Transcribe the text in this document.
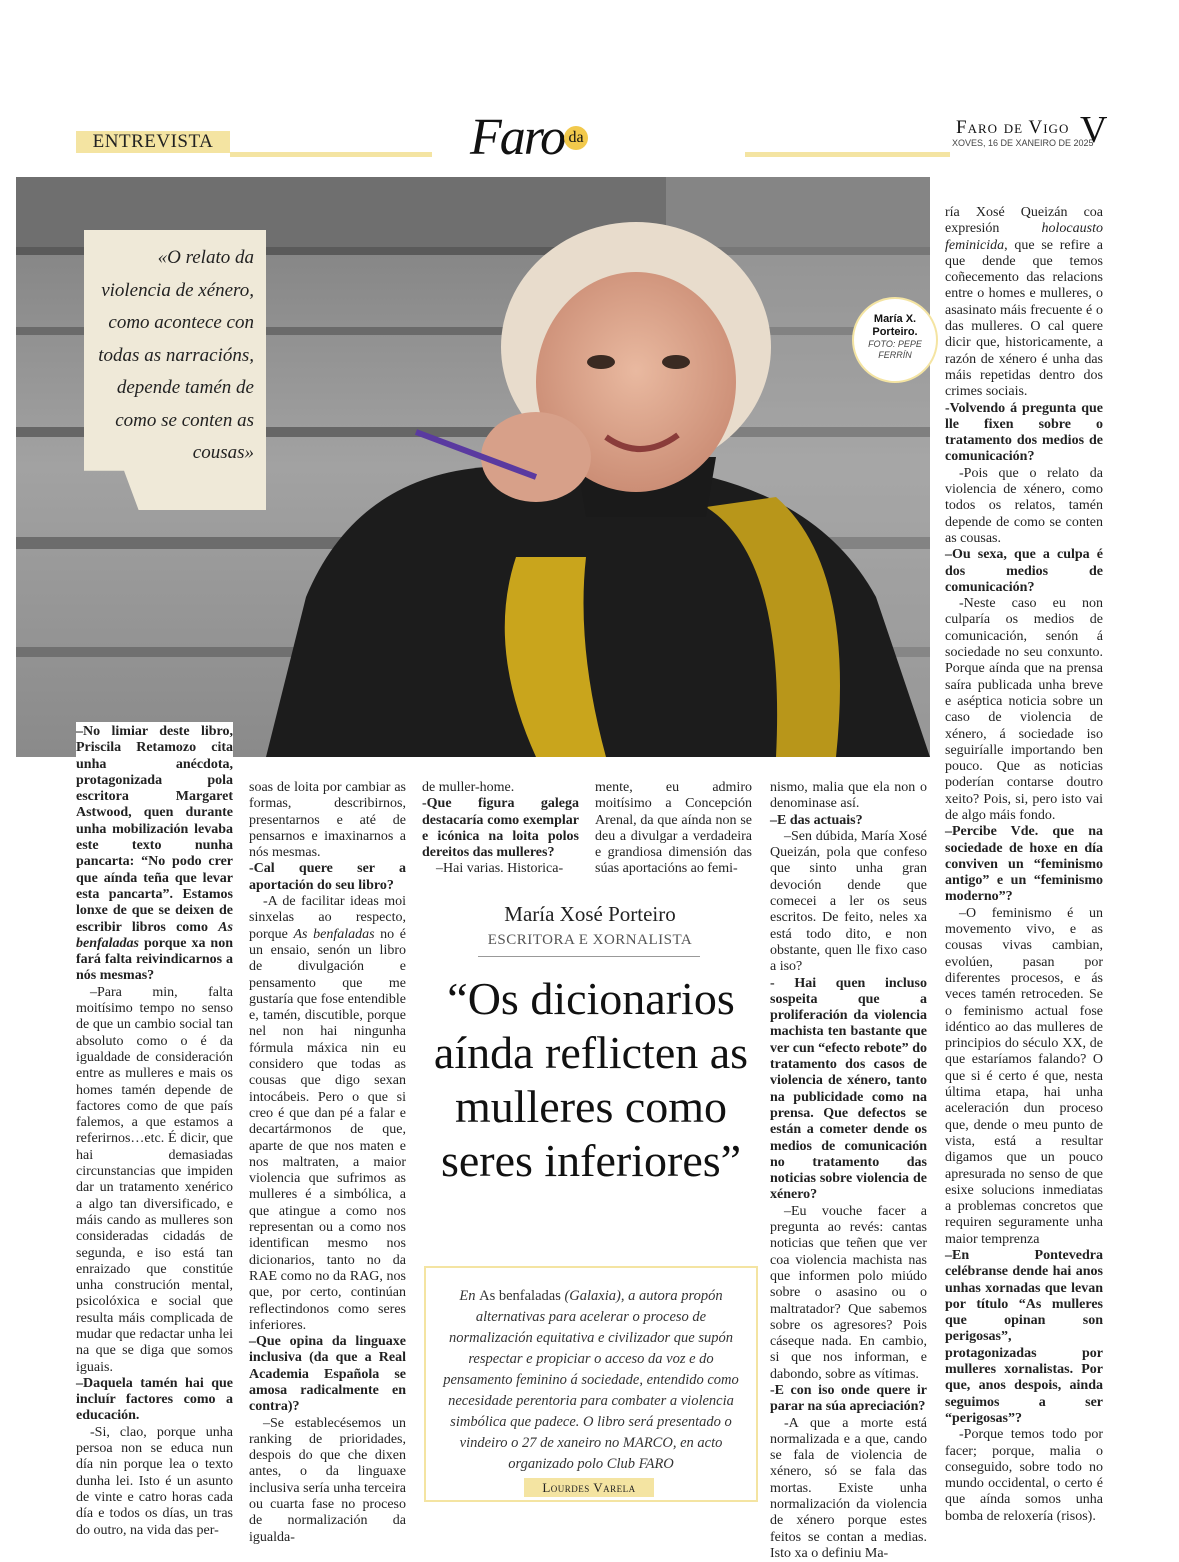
ENTREVISTA	Faro da	Faro de Vigo
XOVES, 16 DE XANEIRO DE 2025
V
«O relato da violencia de xénero, como acontece con todas as narracións, depende tamén de como se conten as cousas»
María X.
Porteiro.
FOTO: PEPE
FERRÍN

–No limiar deste libro, Priscila Retamozo cita unha anécdota, protagonizada pola escritora Margaret Astwood, quen durante unha mobilización levaba este texto nunha pancarta: “No podo crer que aínda teña que levar esta pancarta”. Estamos lonxe de que se deixen de escribir libros como As benfaladas porque xa non fará falta reivindicarnos a nós mesmas?

–Para min, falta moitísimo tempo no senso de que un cambio social tan absoluto como o é da igualdade de consideración entre as mulleres e mais os homes tamén depende de factores como de que país falemos, a que estamos a referirnos…etc. É dicir, que hai demasiadas circunstancias que impiden dar un tratamento xenérico a algo tan diversificado, e máis cando as mulleres son consideradas cidadás de segunda, e iso está tan enraizado que constitúe unha construción mental, psicolóxica e social que resulta máis complicada de mudar que redactar unha lei na que se diga que somos iguais.

–Daquela tamén hai que incluír factores como a educación.

-Si, clao, porque unha persoa non se educa nun día nin porque lea o texto dunha lei. Isto é un asunto de vinte e catro horas cada día e todos os días, un tras do outro, na vida das per-

soas de loita por cambiar as formas, describirnos, presentarnos e até de pensarnos e imaxinarnos a nós mesmas.

-Cal quere ser a aportación do seu libro?

-A de facilitar ideas moi sinxelas ao respecto, porque As benfaladas no é un ensaio, senón un libro de divulgación e pensamento que me gustaría que fose entendible e, tamén, discutible, porque nel non hai ningunha fórmula máxica nin eu considero que todas as cousas que digo sexan intocábeis. Pero o que si creo é que dan pé a falar e decartármonos de que, aparte de que nos maten e nos maltraten, a maior violencia que sufrimos as mulleres é a simbólica, a que atingue a como nos representan ou a como nos identifican mesmo nos dicionarios, tanto no da RAE como no da RAG, nos que, por certo, continúan reflectindonos como seres inferiores.

–Que opina da linguaxe inclusiva (da que a Real Academia Española se amosa radicalmente en contra)?

–Se establecésemos un ranking de prioridades, despois do que che dixen antes, o da linguaxe inclusiva sería unha terceira ou cuarta fase no proceso de normalización da igualda-

de muller-home.

-Que figura galega destacaría como exemplar e icónica na loita polos dereitos das mulleres?

–Hai varias. Historica-

mente, eu admiro moitísimo a Concepción Arenal, da que aínda non se deu a divulgar a verdadeira e grandiosa dimensión das súas aportacións ao femi-

María Xosé Porteiro
ESCRITORA E XORNALISTA
“Os dicionarios aínda reflicten as mulleres como seres inferiores”
En As benfaladas (Galaxia), a autora propón alternativas para acelerar o proceso de normalización equitativa e civilizador que supón respectar e propiciar o acceso da voz e do pensamento feminino á sociedade, entendido como necesidade perentoria para combater a violencia simbólica que padece. O libro será presentado o vindeiro o 27 de xaneiro no MARCO, en acto organizado polo Club FARO
Lourdes Varela

nismo, malia que ela non o denominase así.

–E das actuais?

–Sen dúbida, María Xosé Queizán, pola que confeso que sinto unha gran devoción dende que comecei a ler os seus escritos. De feito, neles xa está todo dito, e non obstante, quen lle fixo caso a iso?

- Hai quen incluso sospeita que a proliferación da violencia machista ten bastante que ver cun “efecto rebote” do tratamento dos casos de violencia de xénero, tanto na publicidade como na prensa. Que defectos se están a cometer dende os medios de comunicación no tratamento das noticias sobre violencia de xénero?

–Eu vouche facer a pregunta ao revés: cantas noticias que teñen que ver coa violencia machista nas que informen polo miúdo sobre o asasino ou o maltratador? Que sabemos sobre os agresores? Pois cáseque nada. En cambio, si que nos informan, e dabondo, sobre as vítimas.

-E con iso onde quere ir parar na súa apreciación?

-A que a morte está normalizada e a que, cando se fala de violencia de xénero, só se fala das mortas. Existe unha normalización da violencia de xénero porque estes feitos se contan a medias. Isto xa o definiu Ma-

ría Xosé Queizán coa expresión holocausto feminicida, que se refire a que dende que temos coñecemento das relacions entre o homes e mulleres, o asasinato máis frecuente é o das mulleres. O cal quere dicir que, historicamente, a razón de xénero é unha das máis repetidas dentro dos crimes sociais.

-Volvendo á pregunta que lle fixen sobre o tratamento dos medios de comunicación?

-Pois que o relato da violencia de xénero, como todos os relatos, tamén depende de como se conten as cousas.

–Ou sexa, que a culpa é dos medios de comunicación?

-Neste caso eu non culparía os medios de comunicación, senón á sociedade no seu conxunto. Porque aínda que na prensa saíra publicada unha breve e aséptica noticia sobre un caso de violencia de xénero, á sociedade iso seguiríalle importando ben pouco. Que as noticias poderían contarse doutro xeito? Pois, si, pero isto vai de algo máis fondo.

–Percibe Vde. que na sociedade de hoxe en día conviven un “feminismo antigo” e un “feminismo moderno”?

–O feminismo é un movemento vivo, e as cousas vivas cambian, evolúen, pasan por diferentes procesos, e ás veces tamén retroceden. Se o feminismo actual fose idéntico ao das mulleres de principios do século XX, de que estaríamos falando? O que si é certo é que, nesta última etapa, hai unha aceleración dun proceso que, dende o meu punto de vista, está a resultar digamos que un pouco apresurada no senso de que esixe solucions inmediatas a problemas concretos que requiren seguramente unha maior temprenza

–En Pontevedra celébranse dende hai anos unhas xornadas que levan por título “As mulleres que opinan son perigosas”, protagonizadas por mulleres xornalistas. Por que, anos despois, ainda seguimos a ser “perigosas”?

-Porque temos todo por facer; porque, malia o conseguido, sobre todo no mundo occidental, o certo é que aínda somos unha bomba de reloxería (risos).
